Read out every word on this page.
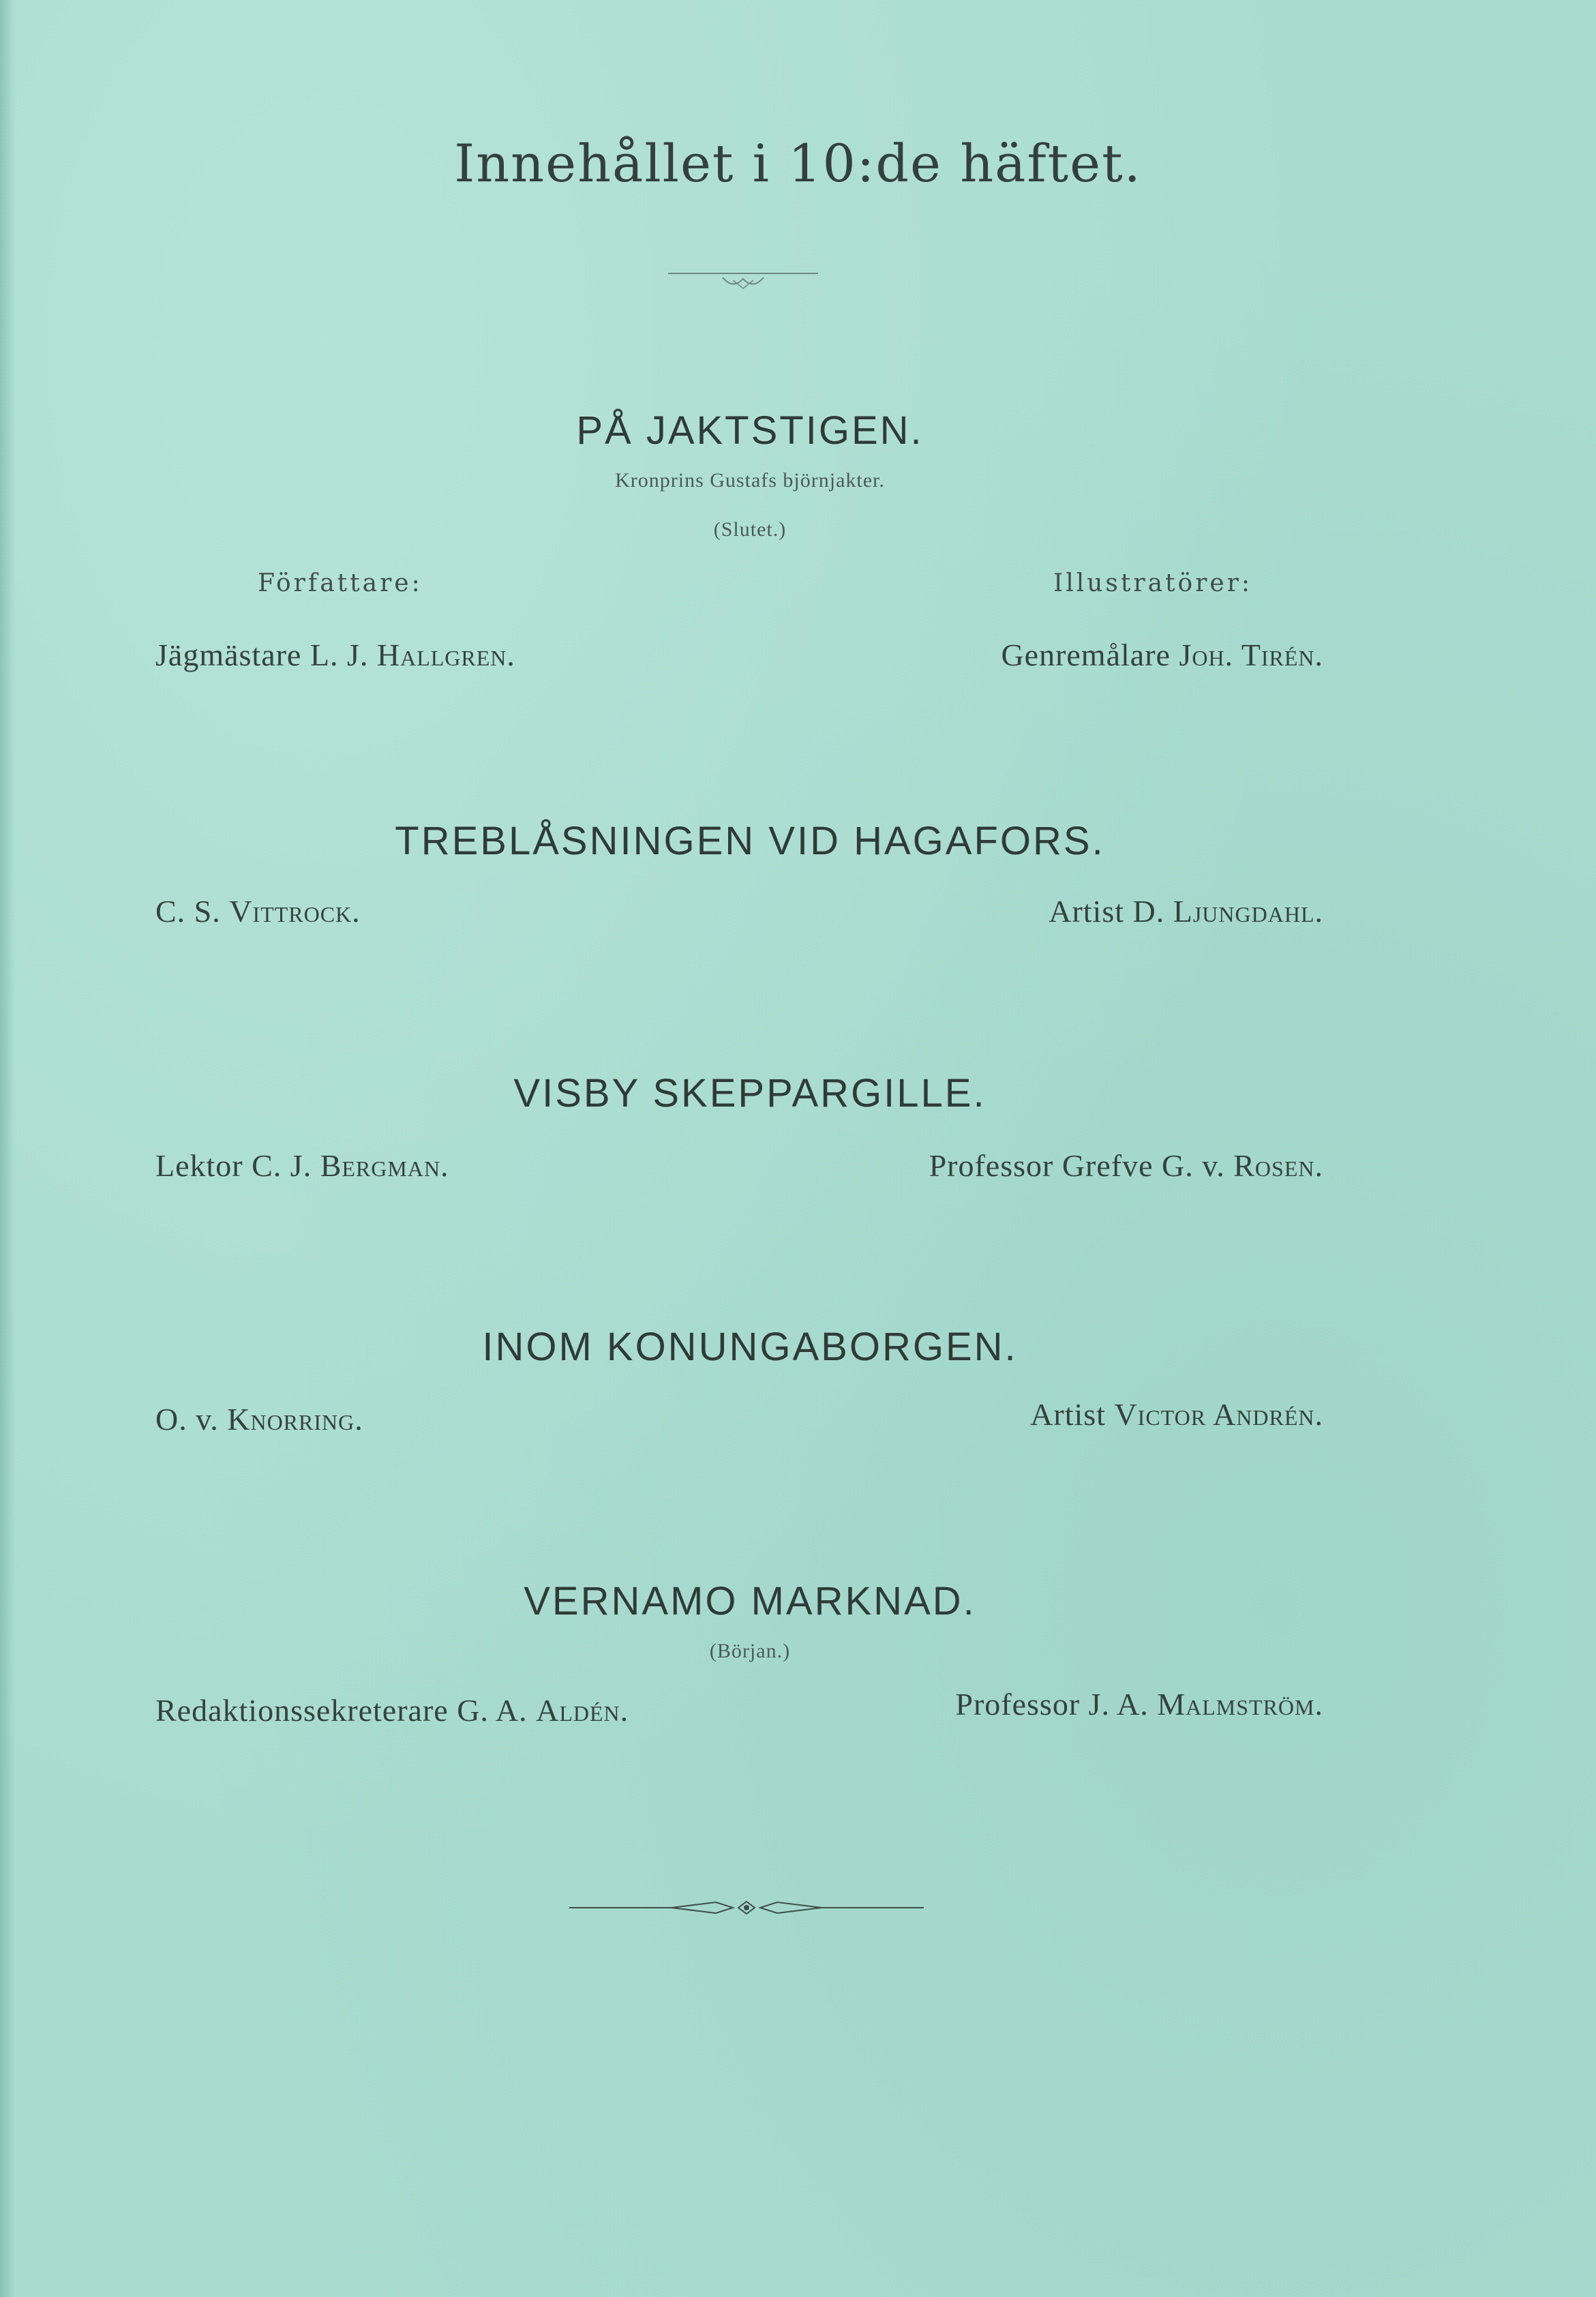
Innehållet i 10:de häftet.
PÅ JAKTSTIGEN.
Kronprins Gustafs björnjakter.
(Slutet.)
Författare:	Illustratörer:
Jägmästare L. J. Hallgren.	Genremålare Joh. Tirén.
TREBLÅSNINGEN VID HAGAFORS.
C. S. Vittrock.	Artist D. Ljungdahl.
VISBY SKEPPARGILLE.
Lektor C. J. Bergman.	Professor Grefve G. v. Rosen.
INOM KONUNGABORGEN.
O. v. Knorring.	Artist Victor Andrén.
VERNAMO MARKNAD.
(Början.)
Redaktionssekreterare G. A. Aldén.	Professor J. A. Malmström.
